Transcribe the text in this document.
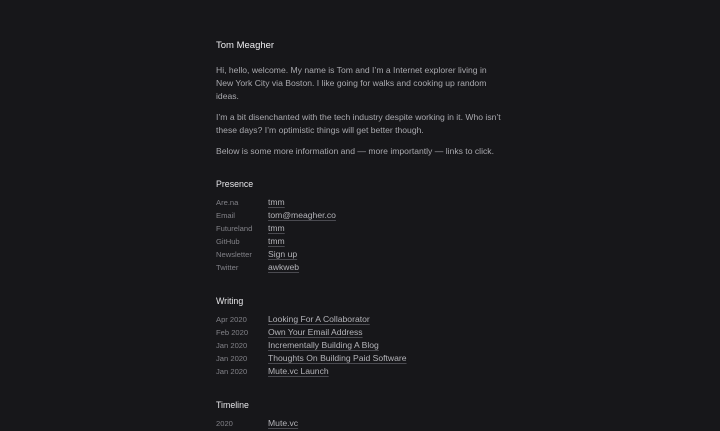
Tom Meagher

Hi, hello, welcome. My name is Tom and I’m a Internet explorer living in New York City via Boston. I like going for walks and cooking up random ideas.

I’m a bit disenchanted with the tech industry despite working in it. Who isn’t these days? I’m optimistic things will get better though.

Below is some more information and — more importantly — links to click.

Presence
Are.na	tmm
Email	tom@meagher.co
Futureland	tmm
GitHub	tmm
Newsletter	Sign up
Twitter	awkweb
Writing
Apr 2020	Looking For A Collaborator
Feb 2020	Own Your Email Address
Jan 2020	Incrementally Building A Blog
Jan 2020	Thoughts On Building Paid Software
Jan 2020	Mute.vc Launch
Timeline
2020	Mute.vc
